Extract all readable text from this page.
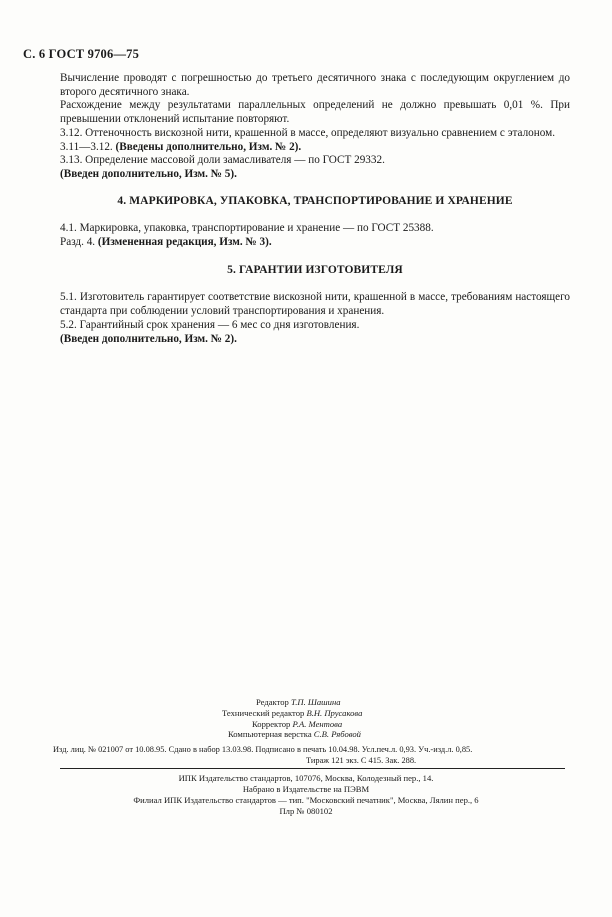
С. 6 ГОСТ 9706—75

Вычисление проводят с погрешностью до третьего десятичного знака с последующим округлением до второго десятичного знака.

Расхождение между результатами параллельных определений не должно превышать 0,01 %. При превышении отклонений испытание повторяют.

3.12. Оттеночность вискозной нити, крашенной в массе, определяют визуально сравнением с эталоном.

3.11—3.12. (Введены дополнительно, Изм. № 2).

3.13. Определение массовой доли замасливателя — по ГОСТ 29332.

(Введен дополнительно, Изм. № 5).

4. МАРКИРОВКА, УПАКОВКА, ТРАНСПОРТИРОВАНИЕ И ХРАНЕНИЕ

4.1. Маркировка, упаковка, транспортирование и хранение — по ГОСТ 25388.

Разд. 4. (Измененная редакция, Изм. № 3).

5. ГАРАНТИИ ИЗГОТОВИТЕЛЯ

5.1. Изготовитель гарантирует соответствие вискозной нити, крашенной в массе, требованиям настоящего стандарта при соблюдении условий транспортирования и хранения.

5.2. Гарантийный срок хранения — 6 мес со дня изготовления.

(Введен дополнительно, Изм. № 2).

Редактор Т.П. Шашина
Технический редактор В.Н. Прусакова
Корректор Р.А. Ментова
Компьютерная верстка С.В. Рябовой
Изд. лиц. № 021007 от 10.08.95. Сдано в набор 13.03.98. Подписано в печать 10.04.98. Усл.печ.л. 0,93. Уч.-изд.л. 0,85.
Тираж 121 экз. С 415. Зак. 288.
ИПК Издательство стандартов, 107076, Москва, Колодезный пер., 14.
Набрано в Издательстве на ПЭВМ
Филиал ИПК Издательство стандартов — тип. "Московский печатник", Москва, Лялин пер., 6
Плр № 080102
